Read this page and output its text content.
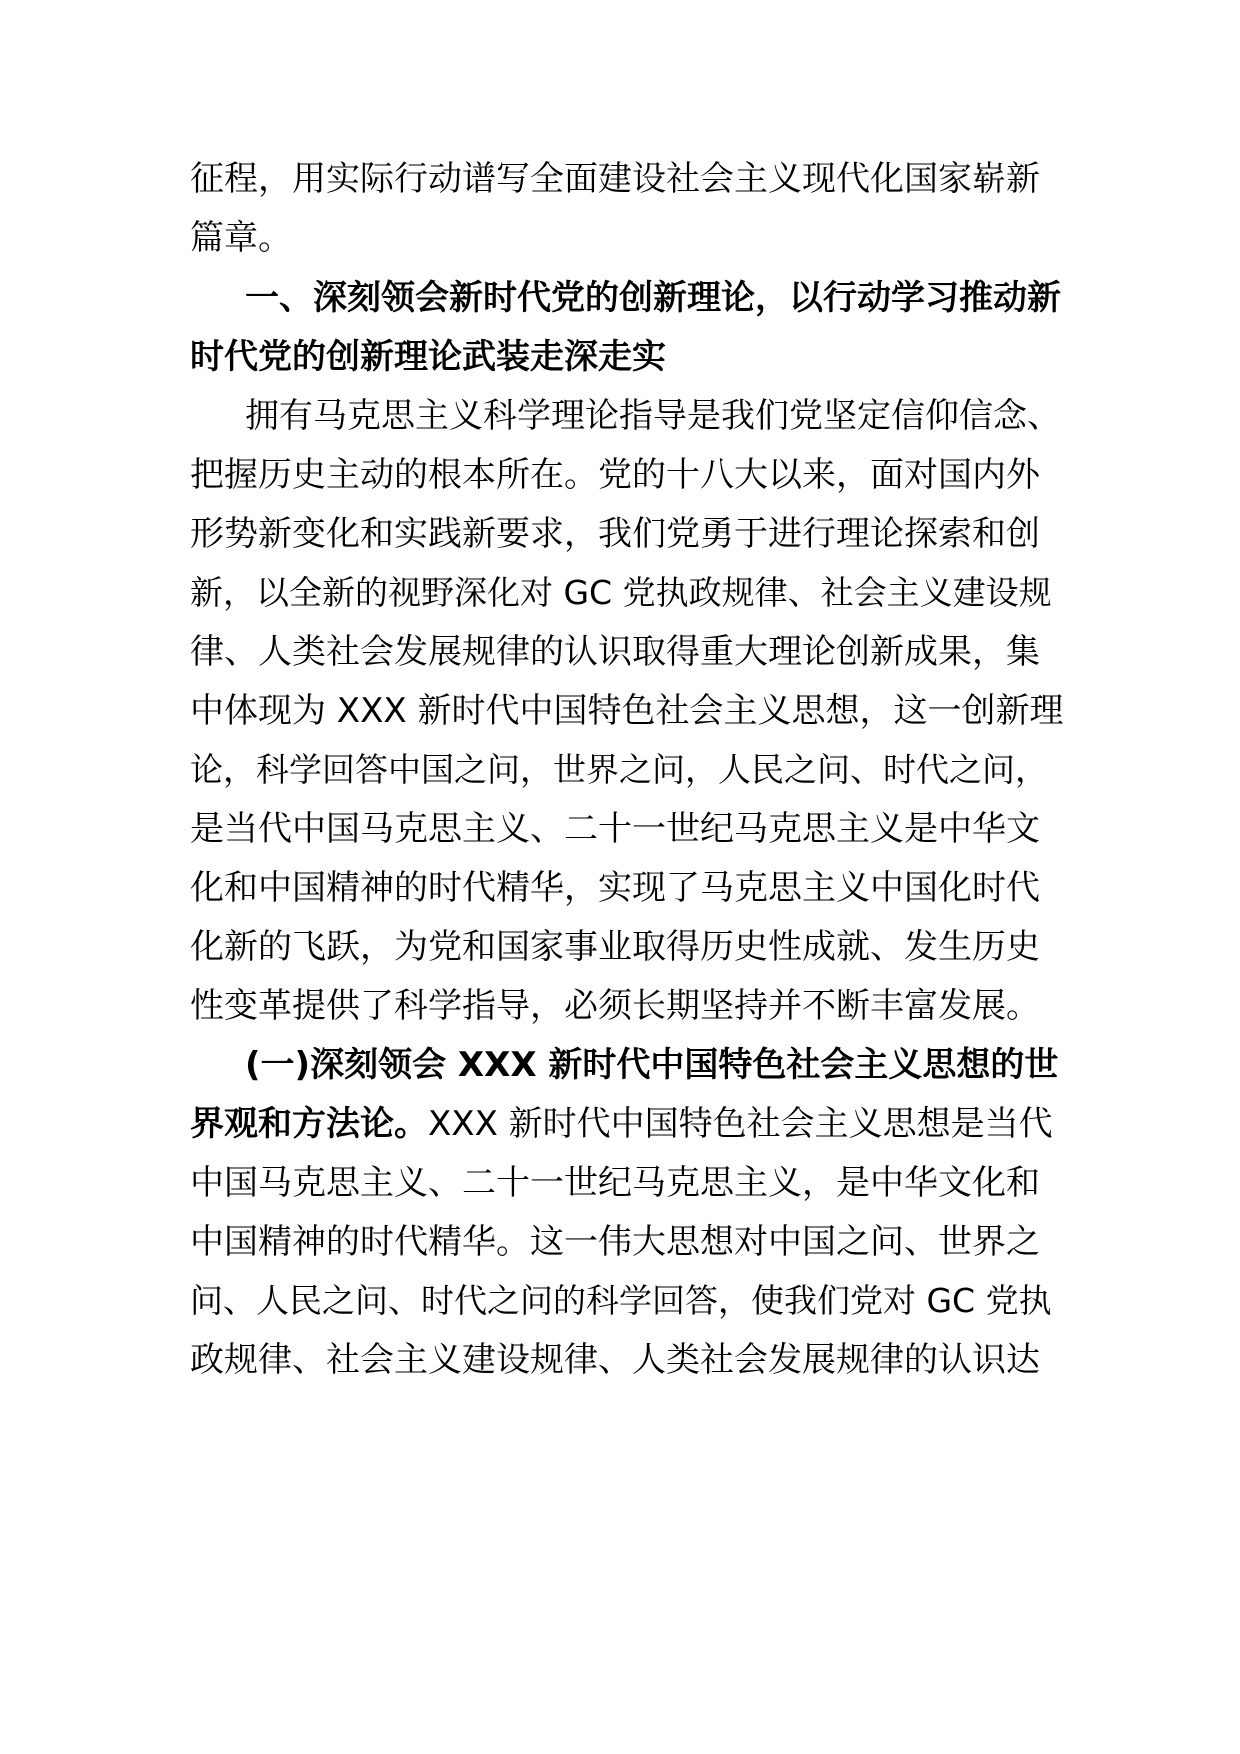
征程，用实际行动谱写全面建设社会主义现代化国家崭新
篇章。
一、深刻领会新时代党的创新理论，以行动学习推动新
时代党的创新理论武装走深走实
拥有马克思主义科学理论指导是我们党坚定信仰信念、
把握历史主动的根本所在。党的十八大以来，面对国内外
形势新变化和实践新要求，我们党勇于进行理论探索和创
新，以全新的视野深化对 GC 党执政规律、社会主义建设规
律、人类社会发展规律的认识取得重大理论创新成果，集
中体现为 XXX 新时代中国特色社会主义思想，这一创新理
论，科学回答中国之问，世界之问，人民之问、时代之问，
是当代中国马克思主义、二十一世纪马克思主义是中华文
化和中国精神的时代精华，实现了马克思主义中国化时代
化新的飞跃，为党和国家事业取得历史性成就、发生历史
性变革提供了科学指导，必须长期坚持并不断丰富发展。
(一)深刻领会 XXX 新时代中国特色社会主义思想的世
界观和方法论。XXX 新时代中国特色社会主义思想是当代
中国马克思主义、二十一世纪马克思主义，是中华文化和
中国精神的时代精华。这一伟大思想对中国之问、世界之
问、人民之问、时代之问的科学回答，使我们党对 GC 党执
政规律、社会主义建设规律、人类社会发展规律的认识达
